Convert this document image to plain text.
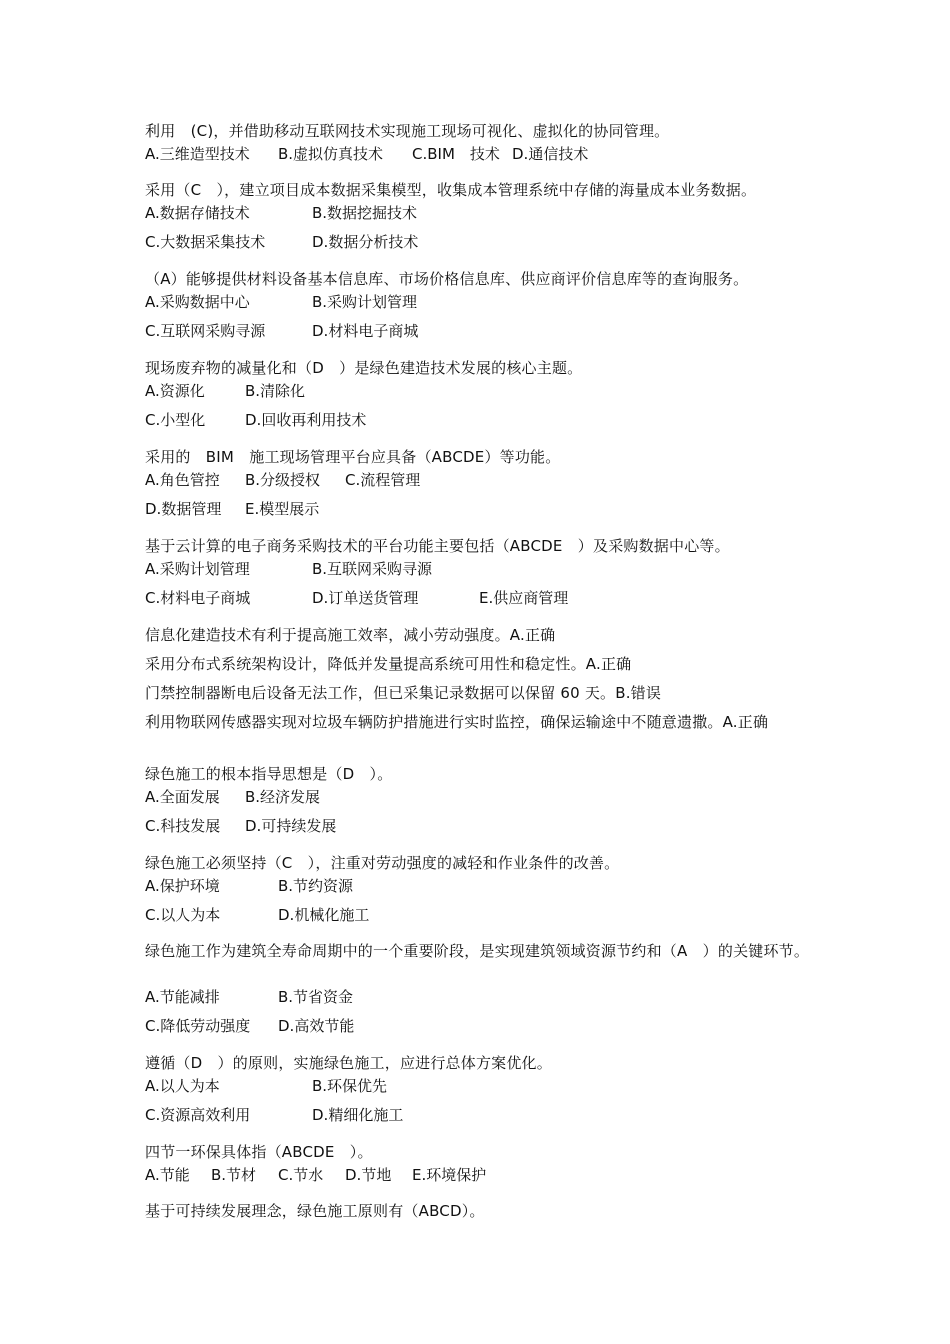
利用　(C)，并借助移动互联网技术实现施工现场可视化、虚拟化的协同管理。
A.三维造型技术 B.虚拟仿真技术 C.BIM　技术 D.通信技术
采用（C　），建立项目成本数据采集模型，收集成本管理系统中存储的海量成本业务数据。
A.数据存储技术	B.数据挖掘技术
C.大数据采集技术	D.数据分析技术
（A）能够提供材料设备基本信息库、市场价格信息库、供应商评价信息库等的查询服务。
A.采购数据中心	B.采购计划管理
C.互联网采购寻源	D.材料电子商城
现场废弃物的减量化和（D　）是绿色建造技术发展的核心主题。
A.资源化	B.清除化
C.小型化	D.回收再利用技术
采用的　BIM　施工现场管理平台应具备（ABCDE）等功能。
A.角色管控 B.分级授权 C.流程管理
D.数据管理 E.模型展示
基于云计算的电子商务采购技术的平台功能主要包括（ABCDE　）及采购数据中心等。
A.采购计划管理	B.互联网采购寻源
C.材料电子商城	D.订单送货管理	E.供应商管理
信息化建造技术有利于提高施工效率，减小劳动强度。A.正确
采用分布式系统架构设计，降低并发量提高系统可用性和稳定性。A.正确
门禁控制器断电后设备无法工作，但已采集记录数据可以保留 60 天。B.错误
利用物联网传感器实现对垃圾车辆防护措施进行实时监控，确保运输途中不随意遗撒。A.正确
绿色施工的根本指导思想是（D　）。
A.全面发展 B.经济发展
C.科技发展 D.可持续发展
绿色施工必须坚持（C　），注重对劳动强度的减轻和作业条件的改善。
A.保护环境	B.节约资源
C.以人为本	D.机械化施工
绿色施工作为建筑全寿命周期中的一个重要阶段，是实现建筑领域资源节约和（A　）的关键环节。
A.节能减排	B.节省资金
C.降低劳动强度 D.高效节能
遵循（D　）的原则，实施绿色施工，应进行总体方案优化。
A.以人为本	B.环保优先
C.资源高效利用	D.精细化施工
四节一环保具体指（ABCDE　）。
A.节能 B.节材 C.节水 D.节地 E.环境保护
基于可持续发展理念，绿色施工原则有（ABCD）。
